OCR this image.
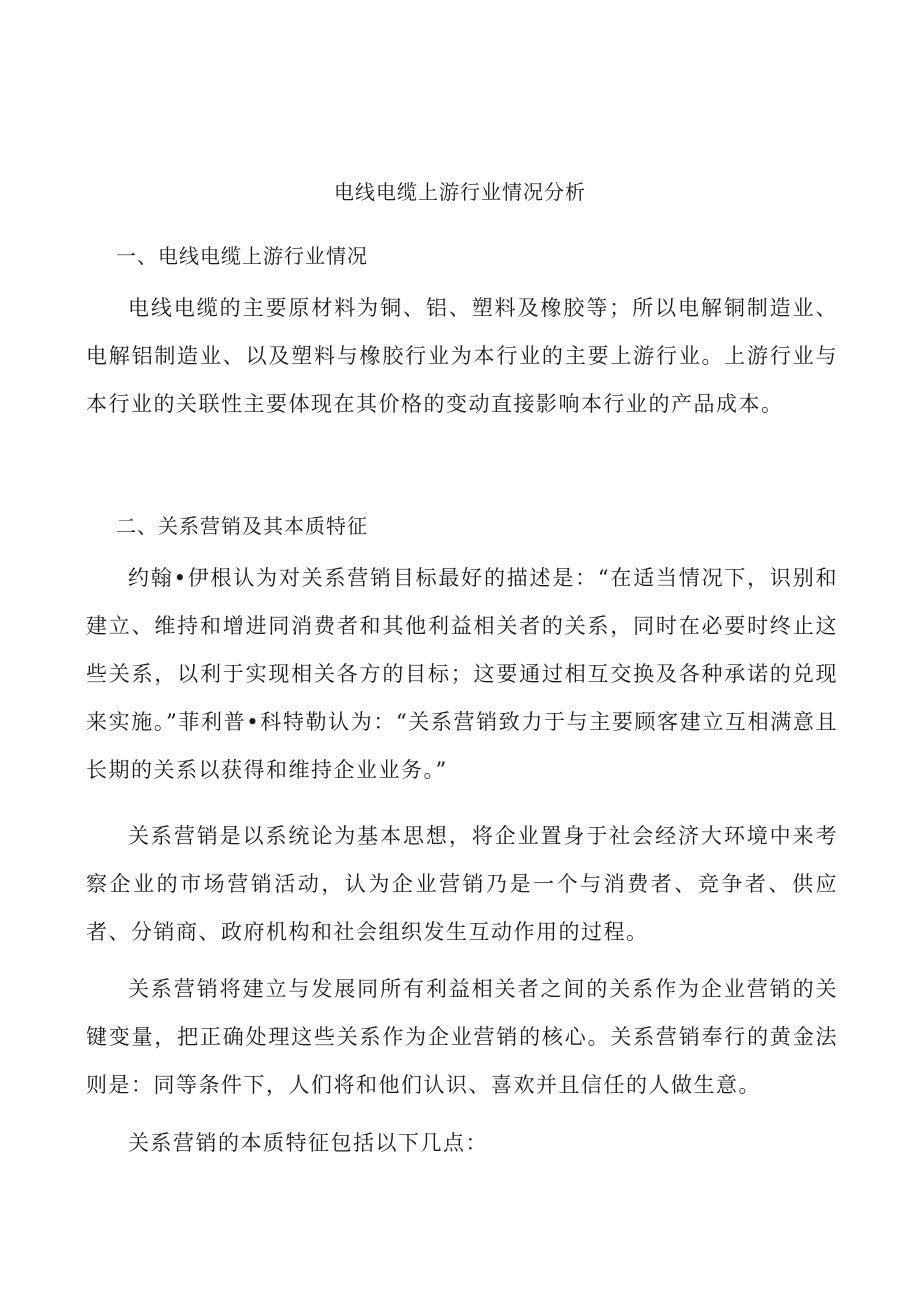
电线电缆上游行业情况分析
一、电线电缆上游行业情况

电线电缆的主要原材料为铜、铝、塑料及橡胶等；所以电解铜制造业、电解铝制造业、以及塑料与橡胶行业为本行业的主要上游行业。上游行业与本行业的关联性主要体现在其价格的变动直接影响本行业的产品成本。

二、关系营销及其本质特征

约翰•伊根认为对关系营销目标最好的描述是：“在适当情况下，识别和建立、维持和增进同消费者和其他利益相关者的关系，同时在必要时终止这些关系，以利于实现相关各方的目标；这要通过相互交换及各种承诺的兑现来实施。”菲利普•科特勒认为：“关系营销致力于与主要顾客建立互相满意且长期的关系以获得和维持企业业务。”

关系营销是以系统论为基本思想，将企业置身于社会经济大环境中来考察企业的市场营销活动，认为企业营销乃是一个与消费者、竞争者、供应者、分销商、政府机构和社会组织发生互动作用的过程。

关系营销将建立与发展同所有利益相关者之间的关系作为企业营销的关键变量，把正确处理这些关系作为企业营销的核心。关系营销奉行的黄金法则是：同等条件下，人们将和他们认识、喜欢并且信任的人做生意。

关系营销的本质特征包括以下几点：
